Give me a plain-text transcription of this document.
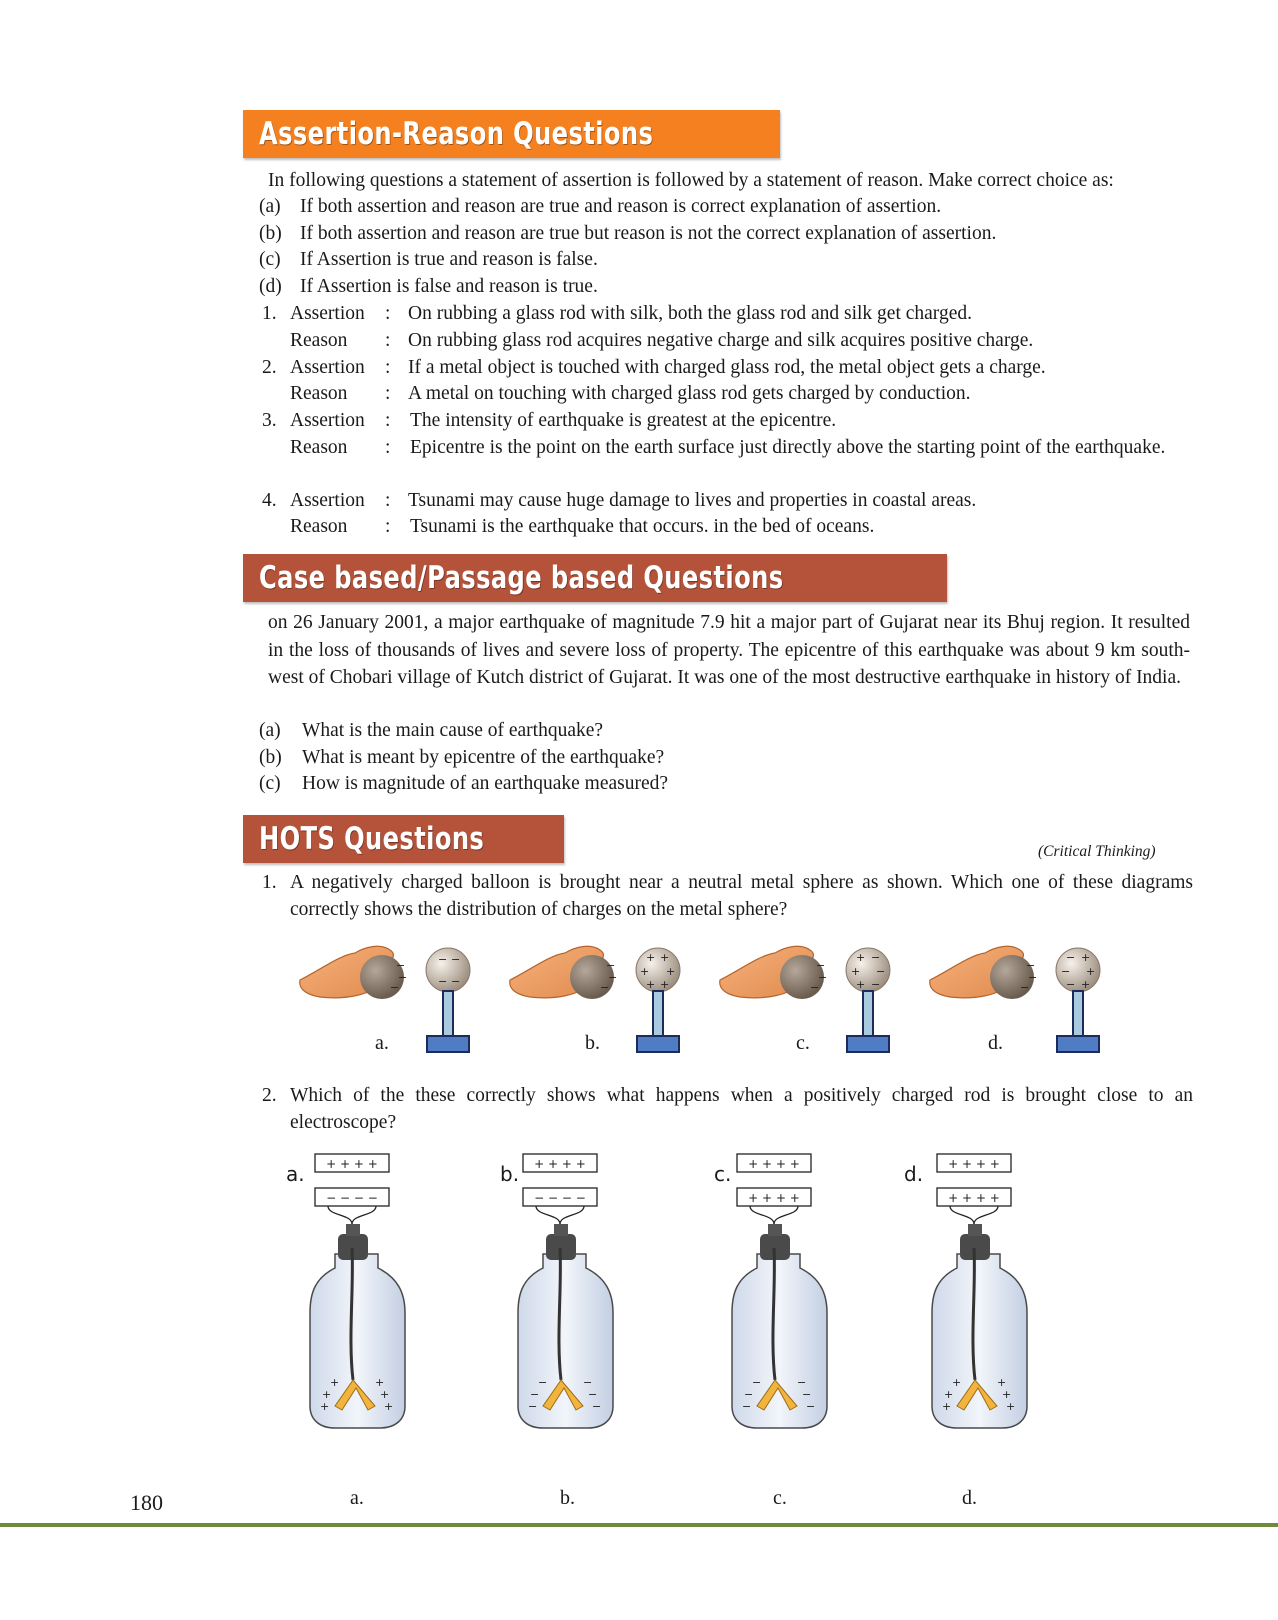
Assertion-Reason Questions
In following questions a statement of assertion is followed by a statement of reason. Make correct choice as:
(a) If both assertion and reason are true and reason is correct explanation of assertion.
(b) If both assertion and reason are true but reason is not the correct explanation of assertion.
(c) If Assertion is true and reason is false.
(d) If Assertion is false and reason is true.
1. Assertion : On rubbing a glass rod with silk, both the glass rod and silk get charged.
Reason : On rubbing glass rod acquires negative charge and silk acquires positive charge.
2. Assertion : If a metal object is touched with charged glass rod, the metal object gets a charge.
Reason : A metal on touching with charged glass rod gets charged by conduction.
3. Assertion : The intensity of earthquake is greatest at the epicentre.
Reason : Epicentre is the point on the earth surface just directly above the starting point of the earthquake.
4. Assertion : Tsunami may cause huge damage to lives and properties in coastal areas.
Reason : Tsunami is the earthquake that occurs. in the bed of oceans.
Case based/Passage based Questions
on 26 January 2001, a major earthquake of magnitude 7.9 hit a major part of Gujarat near its Bhuj region. It resulted in the loss of thousands of lives and severe loss of property. The epicentre of this earthquake was about 9 km south-west of Chobari village of Kutch district of Gujarat. It was one of the most destructive earthquake in history of India.
(a) What is the main cause of earthquake?
(b) What is meant by epicentre of the earthquake?
(c) How is magnitude of an earthquake measured?
HOTS Questions	(Critical Thinking)
1. A negatively charged balloon is brought near a neutral metal sphere as shown. Which one of these diagrams correctly shows the distribution of charges on the metal sphere?
−
−
−
− −
− −
−
−
−
+ +
+ +
+ +
−
−
−
+ −
+ −
+ −
−
−
−
− +
− +
− +
a.	b.	c.	d.
2. Which of the these correctly shows what happens when a positively charged rod is brought close to an electroscope?
a. + + + +
− − − −
+	+
+	+
+	+
b. + + + +
− − − −
−	−
−	−
−	−
c. + + + +
+ + + +
−	−
−	−
−	−
d. + + + +
+ + + +
+	+
+	+
+	+
a.	b.	c.	d.
180
